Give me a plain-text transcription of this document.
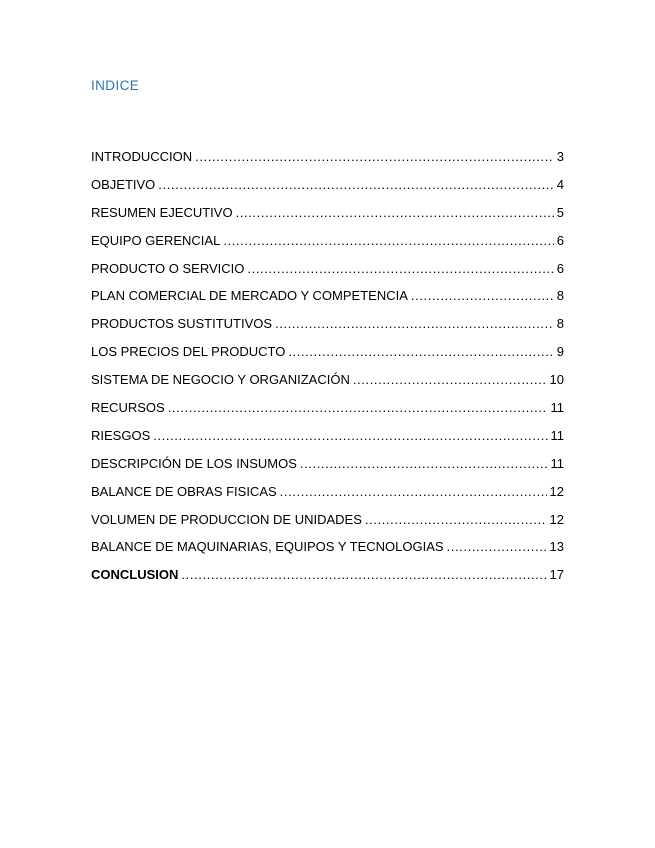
INDICE
INTRODUCCION .....	3
OBJETIVO .....	4
RESUMEN EJECUTIVO .....	5
EQUIPO GERENCIAL .....	6
PRODUCTO O SERVICIO .....	6
PLAN COMERCIAL DE MERCADO Y COMPETENCIA .....	8
PRODUCTOS SUSTITUTIVOS .....	8
LOS PRECIOS DEL PRODUCTO .....	9
SISTEMA DE NEGOCIO Y ORGANIZACIÓN .....	10
RECURSOS .....	11
RIESGOS .....	11
DESCRIPCIÓN DE LOS INSUMOS .....	11
BALANCE DE OBRAS FISICAS .....	12
VOLUMEN DE PRODUCCION DE UNIDADES .....	12
BALANCE DE MAQUINARIAS, EQUIPOS Y TECNOLOGIAS .....	13
CONCLUSION .....	17
